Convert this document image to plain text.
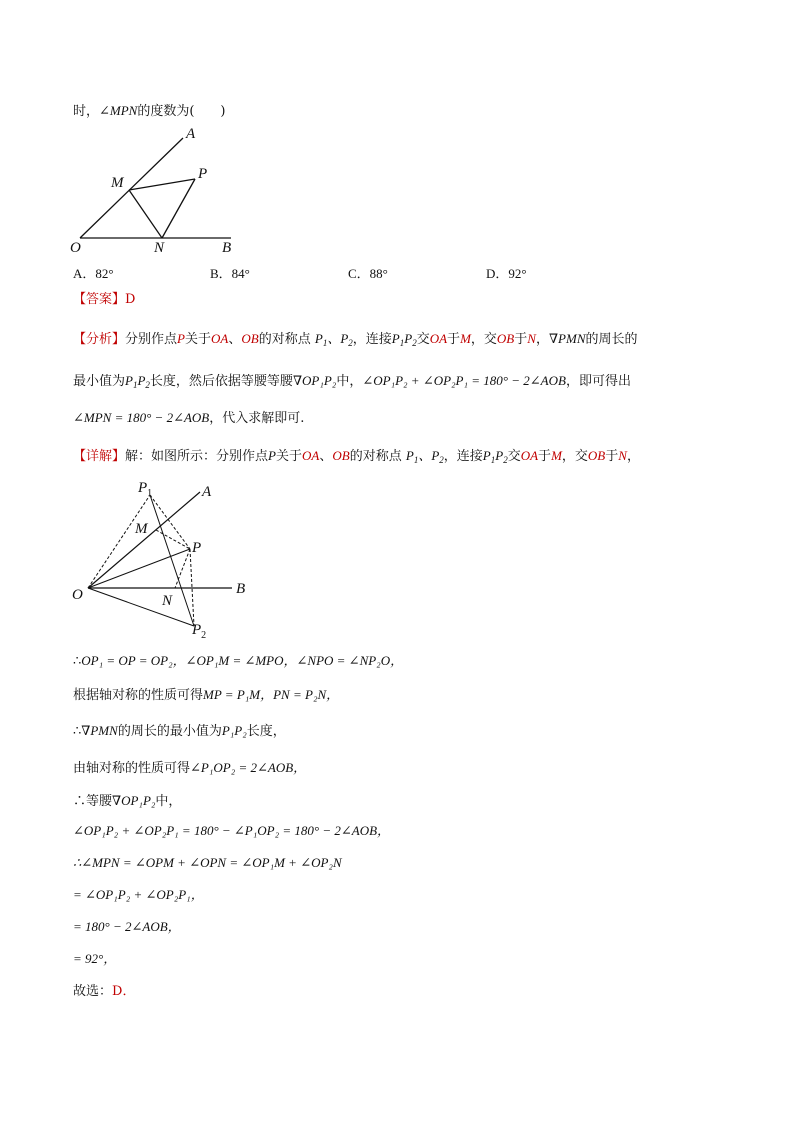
时，∠MPN的度数为(　　)
A
M
P
O	N	B
A．82°	B．84°	C．88°	D．92°
【答案】D
【分析】分别作点P关于OA、OB的对称点 $P_1$、$P_2$，连接$P_1P_2$交OA于M，交OB于N，∇PMN的周长的
最小值为$P_1P_2$长度，然后依据等腰等腰∇OP₁P₂中，∠OP₁P₂ + ∠OP₂P₁ = 180° − 2∠AOB，即可得出
∠MPN = 180° − 2∠AOB，代入求解即可.
【详解】解：如图所示：分别作点P关于OA、OB的对称点 $P_1$、$P_2$，连接$P_1P_2$交OA于M，交OB于N，
$P_1$	A
M
P
O	N
B
$P_2$
∴OP₁ = OP = OP₂，∠OP₁M = ∠MPO，∠NPO = ∠NP₂O，
根据轴对称的性质可得MP = P₁M，PN = P₂N，
∴∇PMN的周长的最小值为P₁P₂长度，
由轴对称的性质可得∠P₁OP₂ = 2∠AOB，
∴等腰∇OP₁P₂中，
∠OP₁P₂ + ∠OP₂P₁ = 180° − ∠P₁OP₂ = 180° − 2∠AOB，
∴∠MPN = ∠OPM + ∠OPN = ∠OP₁M + ∠OP₂N
= ∠OP₁P₂ + ∠OP₂P₁，
= 180° − 2∠AOB，
= 92°，
故选：D．
